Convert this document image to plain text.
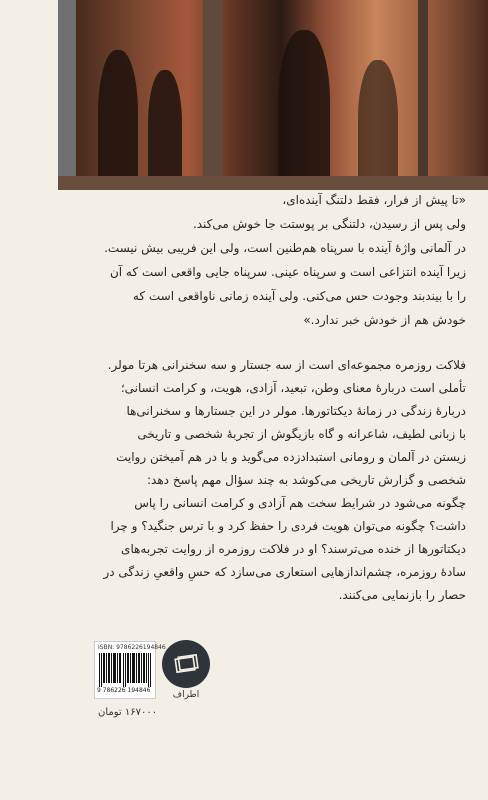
«تا پیش از فرار، فقط دلتنگ آینده‌ای،
ولی پس از رسیدن، دلتنگی بر پوستت جا خوش می‌کند.
در آلمانی واژهٔ آینده با سرپناه هم‌طنین است، ولی این فریبی بیش نیست.
زیرا آینده انتزاعی است و سرپناه عینی. سرپناه جایی واقعی است که آن
را با بیندبند وجودت حس می‌کنی. ولی آینده زمانی ناواقعی است که
خودش هم از خودش خبر ندارد.»
فلاکت روزمره مجموعه‌ای است از سه جستار و سه سخنرانی هرتا مولر.
تأملی است دربارهٔ معنای وطن، تبعید، آزادی، هویت، و کرامت انسانی؛
دربارهٔ زندگی در زمانهٔ دیکتاتورها. مولر در این جستارها و سخنرانی‌ها
با زبانی لطیف، شاعرانه و گاه بازیگوش از تجربهٔ شخصی و تاریخی
زیستن در آلمان و رومانی استبدادزده می‌گوید و با در هم آمیختن روایت
شخصی و گزارش تاریخی می‌کوشد به چند سؤال مهم پاسخ دهد:
چگونه می‌شود در شرایط سخت هم آزادی و کرامت انسانی را پاس
داشت؟ چگونه می‌توان هویت فردی را حفظ کرد و با ترس جنگید؟ و چرا
دیکتاتورها از خنده می‌ترسند؟ او در فلاکت روزمره از روایت تجربه‌های
سادهٔ روزمره، چشم‌اندازهایی استعاری می‌سازد که حسِ واقعیِ زندگی در
حصار را بازنمایی می‌کنند.
ISBN: 9786226194846
9 786226 194846	اطراف
۱۶۷۰۰۰ تومان
